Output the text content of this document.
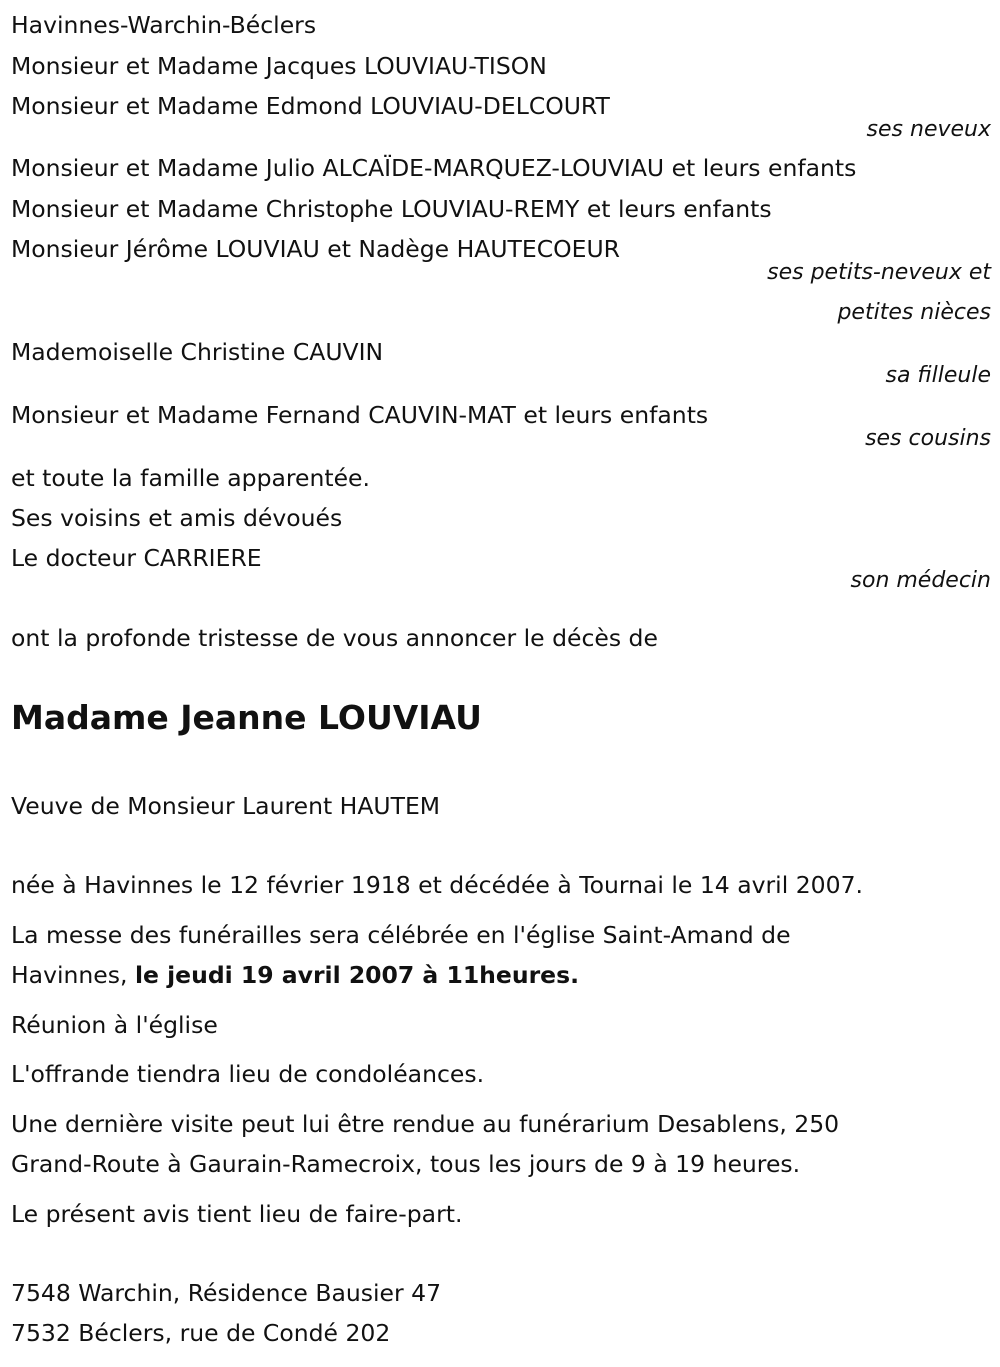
Havinnes-Warchin-Béclers
Monsieur et Madame Jacques LOUVIAU-TISON
Monsieur et Madame Edmond LOUVIAU-DELCOURT
ses neveux
Monsieur et Madame Julio ALCAÏDE-MARQUEZ-LOUVIAU et leurs enfants
Monsieur et Madame Christophe LOUVIAU-REMY et leurs enfants
Monsieur Jérôme LOUVIAU et Nadège HAUTECOEUR
ses petits-neveux et
petites nièces
Mademoiselle Christine CAUVIN
sa filleule
Monsieur et Madame Fernand CAUVIN-MAT et leurs enfants
ses cousins
et toute la famille apparentée.
Ses voisins et amis dévoués
Le docteur CARRIERE
son médecin
ont la profonde tristesse de vous annoncer le décès de
Madame Jeanne LOUVIAU
Veuve de Monsieur Laurent HAUTEM
née à Havinnes le 12 février 1918 et décédée à Tournai le 14 avril 2007.
La messe des funérailles sera célébrée en l'église Saint-Amand de
Havinnes, le jeudi 19 avril 2007 à 11heures.
Réunion à l'église
L'offrande tiendra lieu de condoléances.
Une dernière visite peut lui être rendue au funérarium Desablens, 250
Grand-Route à Gaurain-Ramecroix, tous les jours de 9 à 19 heures.
Le présent avis tient lieu de faire-part.
7548 Warchin, Résidence Bausier 47
7532 Béclers, rue de Condé 202
